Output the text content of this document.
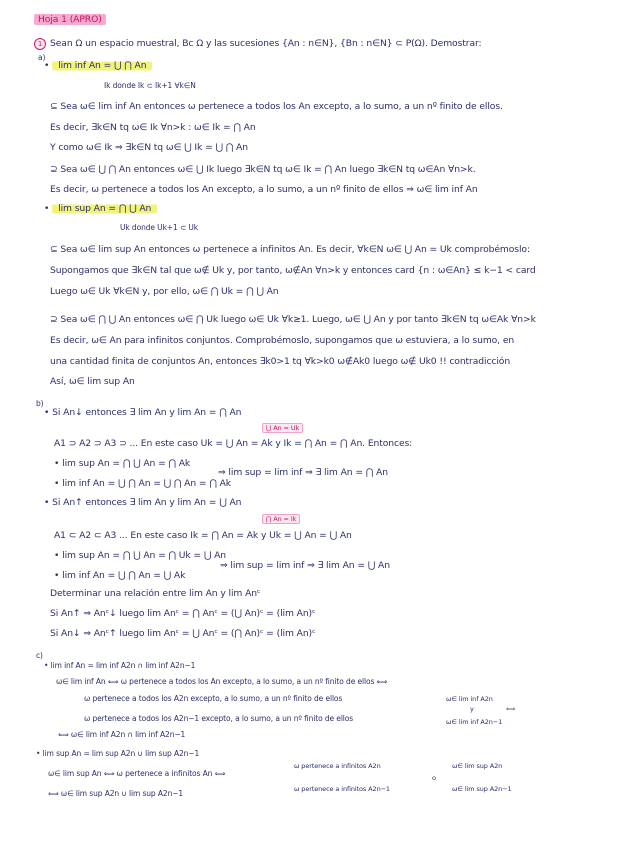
Hoja 1 (APRO)
1 Sean Ω un espacio muestral, Bc Ω y las sucesiones {An : n∈N}, {Bn : n∈N} ⊂ P(Ω). Demostrar:
a)
• lim inf An = ⋃ ⋂ An
Ik donde Ik ⊂ Ik+1 ∀k∈N
⊆ Sea ω∈ lim inf An entonces ω pertenece a todos los An excepto, a lo sumo, a un nº finito de ellos.
Es decir, ∃k∈N tq ω∈ Ik ∀n>k : ω∈ Ik = ⋂ An
Y como ω∈ Ik ⇒ ∃k∈N tq ω∈ ⋃ Ik = ⋃ ⋂ An
⊇ Sea ω∈ ⋃ ⋂ An entonces ω∈ ⋃ Ik luego ∃k∈N tq ω∈ Ik = ⋂ An luego ∃k∈N tq ω∈An ∀n>k.
Es decir, ω pertenece a todos los An excepto, a lo sumo, a un nº finito de ellos ⇒ ω∈ lim inf An
• lim sup An = ⋂ ⋃ An
Uk donde Uk+1 ⊂ Uk
⊆ Sea ω∈ lim sup An entonces ω pertenece a infinitos An. Es decir, ∀k∈N ω∈ ⋃ An = Uk comprobémoslo:
Supongamos que ∃k∈N tal que ω∉ Uk y, por tanto, ω∉An ∀n>k y entonces card {n : ω∈An} ≤ k−1 < card
Luego ω∈ Uk ∀k∈N y, por ello, ω∈ ⋂ Uk = ⋂ ⋃ An
⊇ Sea ω∈ ⋂ ⋃ An entonces ω∈ ⋂ Uk luego ω∈ Uk ∀k≥1. Luego, ω∈ ⋃ An y por tanto ∃k∈N tq ω∈Ak ∀n>k
Es decir, ω∈ An para infinitos conjuntos. Comprobémoslo, supongamos que ω estuviera, a lo sumo, en
una cantidad finita de conjuntos An, entonces ∃k0>1 tq ∀k>k0 ω∉Ak0 luego ω∉ Uk0 !! contradicción
Así, ω∈ lim sup An
b)
• Si An↓ entonces ∃ lim An y lim An = ⋂ An
⋃ An = Uk
A1 ⊃ A2 ⊃ A3 ⊃ ... En este caso Uk = ⋃ An = Ak y Ik = ⋂ An = ⋂ An. Entonces:
• lim sup An = ⋂ ⋃ An = ⋂ Ak
⇒ lim sup = lim inf ⇒ ∃ lim An = ⋂ An
• lim inf An = ⋃ ⋂ An = ⋃ ⋂ An = ⋂ Ak
• Si An↑ entonces ∃ lim An y lim An = ⋃ An
⋂ An = Ik
A1 ⊂ A2 ⊂ A3 ... En este caso Ik = ⋂ An = Ak y Uk = ⋃ An = ⋃ An
• lim sup An = ⋂ ⋃ An = ⋂ Uk = ⋃ An
⇒ lim sup = lim inf ⇒ ∃ lim An = ⋃ An
• lim inf An = ⋃ ⋂ An = ⋃ Ak
Determinar una relación entre lim An y lim Anᶜ
Si An↑ ⇒ Anᶜ↓ luego lim Anᶜ = ⋂ Anᶜ = (⋃ An)ᶜ = (lim An)ᶜ
Si An↓ ⇒ Anᶜ↑ luego lim Anᶜ = ⋃ Anᶜ = (⋂ An)ᶜ = (lim An)ᶜ
c)
• lim inf An = lim inf A2n ∩ lim inf A2n−1
ω∈ lim inf An ⟺ ω pertenece a todos los An excepto, a lo sumo, a un nº finito de ellos ⟺
ω pertenece a todos los A2n excepto, a lo sumo, a un nº finito de ellos	ω∈ lim inf A2n
y	⟺
ω pertenece a todos los A2n−1 excepto, a lo sumo, a un nº finito de ellos	ω∈ lim inf A2n−1
⟺ ω∈ lim inf A2n ∩ lim inf A2n−1
• lim sup An = lim sup A2n ∪ lim sup A2n−1
ω∈ lim sup An ⟺ ω pertenece a infinitos An ⟺
ω pertenece a infinitos A2n	ω∈ lim sup A2n
o
ω pertenece a infinitos A2n−1	ω∈ lim sup A2n−1
⟺ ω∈ lim sup A2n ∪ lim sup A2n−1
